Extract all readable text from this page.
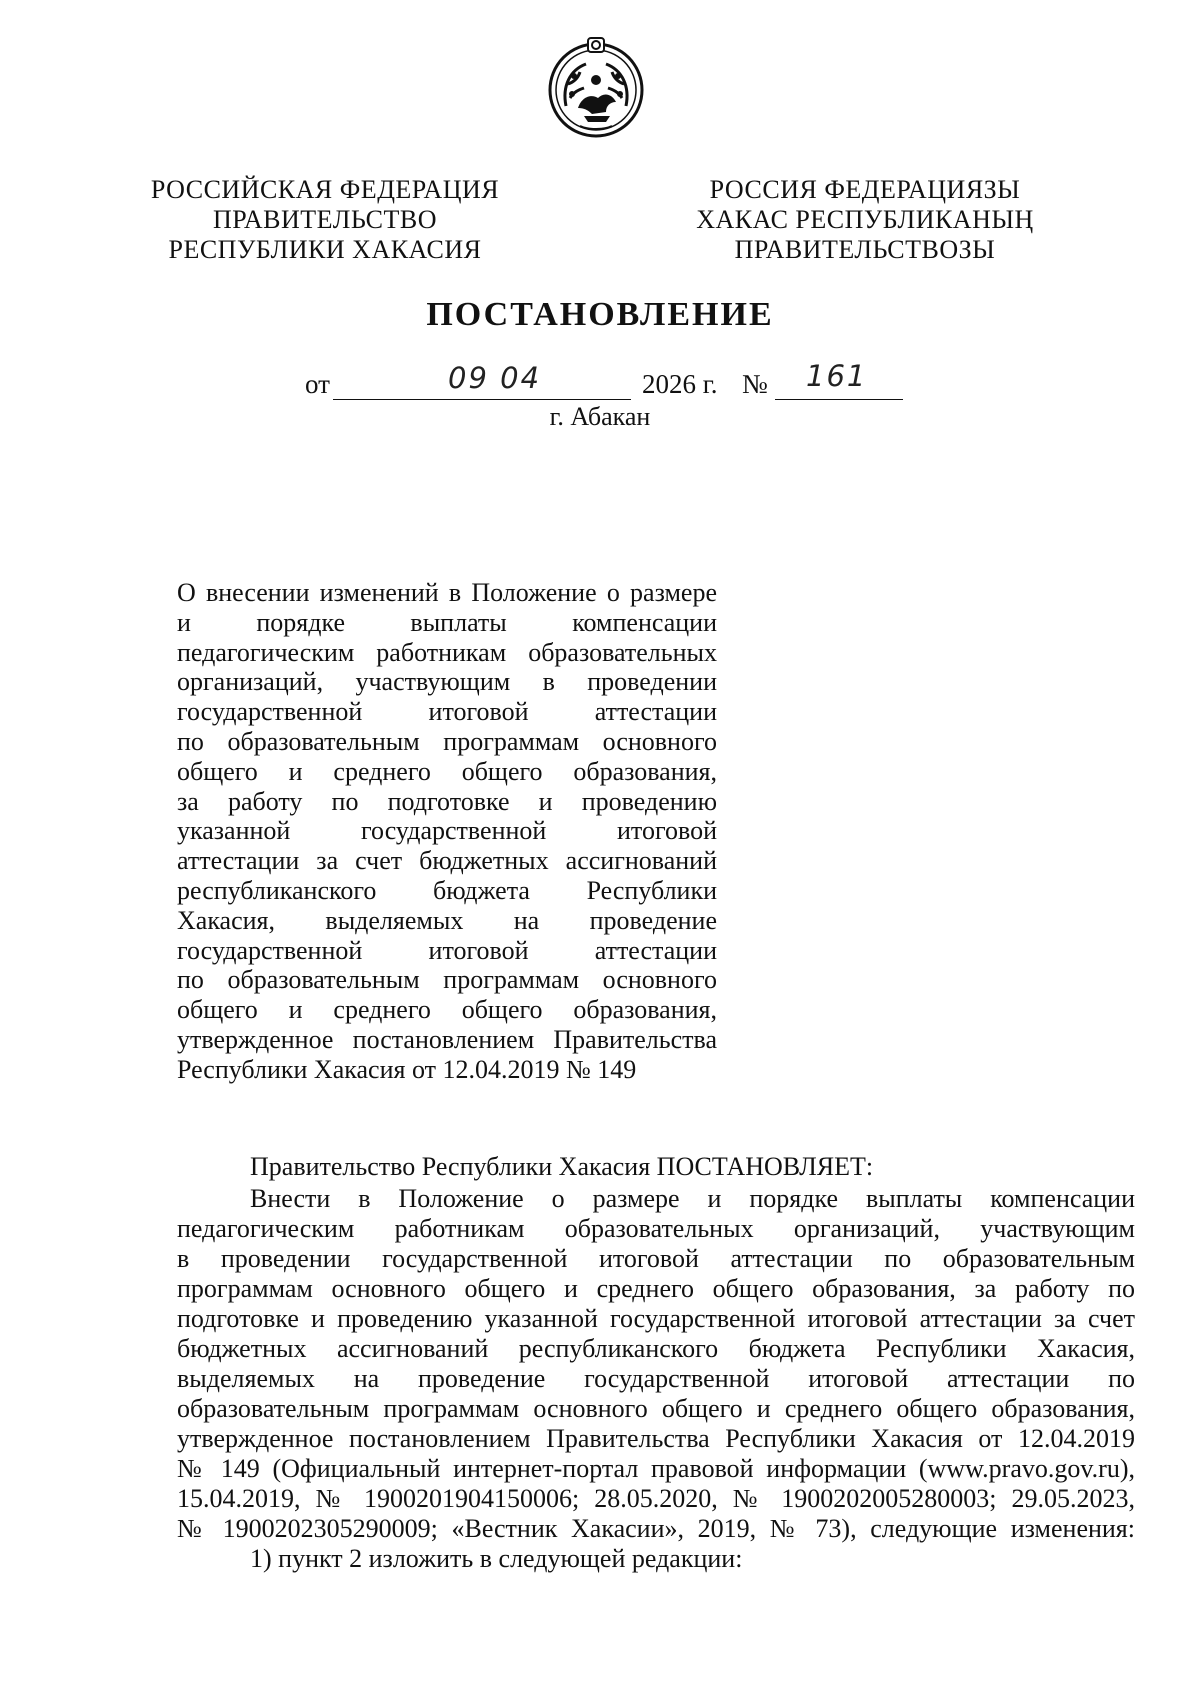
РОССИЙСКАЯ ФЕДЕРАЦИЯ
ПРАВИТЕЛЬСТВО
РЕСПУБЛИКИ ХАКАСИЯ
РОССИЯ ФЕДЕРАЦИЯЗЫ
ХАКАС РЕСПУБЛИКАНЫҢ
ПРАВИТЕЛЬСТВОЗЫ
ПОСТАНОВЛЕНИЕ
от	09 04	2026 г. № 161
г. Абакан
О внесении изменений в Положение о размере
и порядке выплаты компенсации
педагогическим работникам образовательных
организаций, участвующим в проведении
государственной итоговой аттестации
по образовательным программам основного
общего и среднего общего образования,
за работу по подготовке и проведению
указанной государственной итоговой
аттестации за счет бюджетных ассигнований
республиканского бюджета Республики
Хакасия, выделяемых на проведение
государственной итоговой аттестации
по образовательным программам основного
общего и среднего общего образования,
утвержденное постановлением Правительства
Республики Хакасия от 12.04.2019 № 149
Правительство Республики Хакасия ПОСТАНОВЛЯЕТ:
Внести в Положение о размере и порядке выплаты компенсации
педагогическим работникам образовательных организаций, участвующим
в проведении государственной итоговой аттестации по образовательным
программам основного общего и среднего общего образования, за работу по
подготовке и проведению указанной государственной итоговой аттестации за счет
бюджетных ассигнований республиканского бюджета Республики Хакасия,
выделяемых на проведение государственной итоговой аттестации по
образовательным программам основного общего и среднего общего образования,
утвержденное постановлением Правительства Республики Хакасия от 12.04.2019
№ 149 (Официальный интернет-портал правовой информации (www.pravo.gov.ru),
15.04.2019, № 1900201904150006; 28.05.2020, № 1900202005280003; 29.05.2023,
№ 1900202305290009; «Вестник Хакасии», 2019, № 73), следующие изменения:
1) пункт 2 изложить в следующей редакции:
